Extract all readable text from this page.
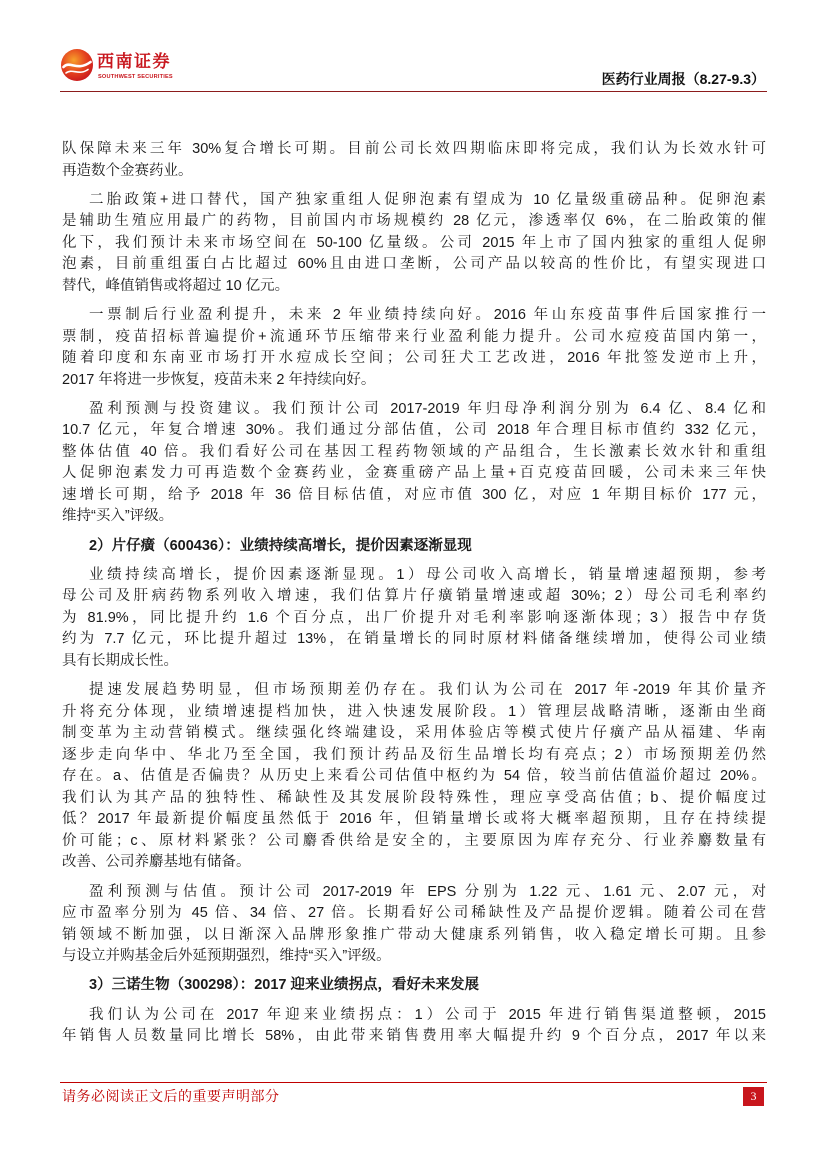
西南证券
SOUTHWEST SECURITIES	医药行业周报（8.27-9.3）
队保障未来三年 30%复合增长可期。目前公司长效四期临床即将完成，我们认为长效水针可
再造数个金赛药业。
二胎政策+进口替代，国产独家重组人促卵泡素有望成为 10 亿量级重磅品种。促卵泡素
是辅助生殖应用最广的药物，目前国内市场规模约 28 亿元，渗透率仅 6%，在二胎政策的催
化下，我们预计未来市场空间在 50-100 亿量级。公司 2015 年上市了国内独家的重组人促卵
泡素，目前重组蛋白占比超过 60%且由进口垄断，公司产品以较高的性价比，有望实现进口
替代，峰值销售或将超过 10 亿元。
一票制后行业盈利提升，未来 2 年业绩持续向好。2016 年山东疫苗事件后国家推行一
票制，疫苗招标普遍提价+流通环节压缩带来行业盈利能力提升。公司水痘疫苗国内第一，
随着印度和东南亚市场打开水痘成长空间；公司狂犬工艺改进，2016 年批签发逆市上升，
2017 年将进一步恢复，疫苗未来 2 年持续向好。
盈利预测与投资建议。我们预计公司 2017-2019 年归母净利润分别为 6.4 亿、8.4 亿和
10.7 亿元，年复合增速 30%。我们通过分部估值，公司 2018 年合理目标市值约 332 亿元，
整体估值 40 倍。我们看好公司在基因工程药物领域的产品组合，生长激素长效水针和重组
人促卵泡素发力可再造数个金赛药业，金赛重磅产品上量+百克疫苗回暖，公司未来三年快
速增长可期，给予 2018 年 36 倍目标估值，对应市值 300 亿，对应 1 年期目标价 177 元，
维持“买入”评级。
2）片仔癀（600436）：业绩持续高增长，提价因素逐渐显现
业绩持续高增长，提价因素逐渐显现。1）母公司收入高增长，销量增速超预期，参考
母公司及肝病药物系列收入增速，我们估算片仔癀销量增速或超 30%；2）母公司毛利率约
为 81.9%，同比提升约 1.6 个百分点，出厂价提升对毛利率影响逐渐体现；3）报告中存货
约为 7.7 亿元，环比提升超过 13%，在销量增长的同时原材料储备继续增加，使得公司业绩
具有长期成长性。
提速发展趋势明显，但市场预期差仍存在。我们认为公司在 2017 年-2019 年其价量齐
升将充分体现，业绩增速提档加快，进入快速发展阶段。1）管理层战略清晰，逐渐由坐商
制变革为主动营销模式。继续强化终端建设，采用体验店等模式使片仔癀产品从福建、华南
逐步走向华中、华北乃至全国，我们预计药品及衍生品增长均有亮点；2）市场预期差仍然
存在。a、估值是否偏贵？从历史上来看公司估值中枢约为 54 倍，较当前估值溢价超过 20%。
我们认为其产品的独特性、稀缺性及其发展阶段特殊性，理应享受高估值；b、提价幅度过
低？2017 年最新提价幅度虽然低于 2016 年，但销量增长或将大概率超预期，且存在持续提
价可能；c、原材料紧张？公司麝香供给是安全的，主要原因为库存充分、行业养麝数量有
改善、公司养麝基地有储备。
盈利预测与估值。预计公司 2017-2019 年 EPS 分别为 1.22 元、1.61 元、2.07 元，对
应市盈率分别为 45 倍、34 倍、27 倍。长期看好公司稀缺性及产品提价逻辑。随着公司在营
销领域不断加强，以日渐深入品牌形象推广带动大健康系列销售，收入稳定增长可期。且参
与设立并购基金后外延预期强烈，维持“买入”评级。
3）三诺生物（300298）：2017 迎来业绩拐点，看好未来发展
我们认为公司在 2017 年迎来业绩拐点：1）公司于 2015 年进行销售渠道整顿，2015
年销售人员数量同比增长 58%，由此带来销售费用率大幅提升约 9 个百分点，2017 年以来
请务必阅读正文后的重要声明部分	3
